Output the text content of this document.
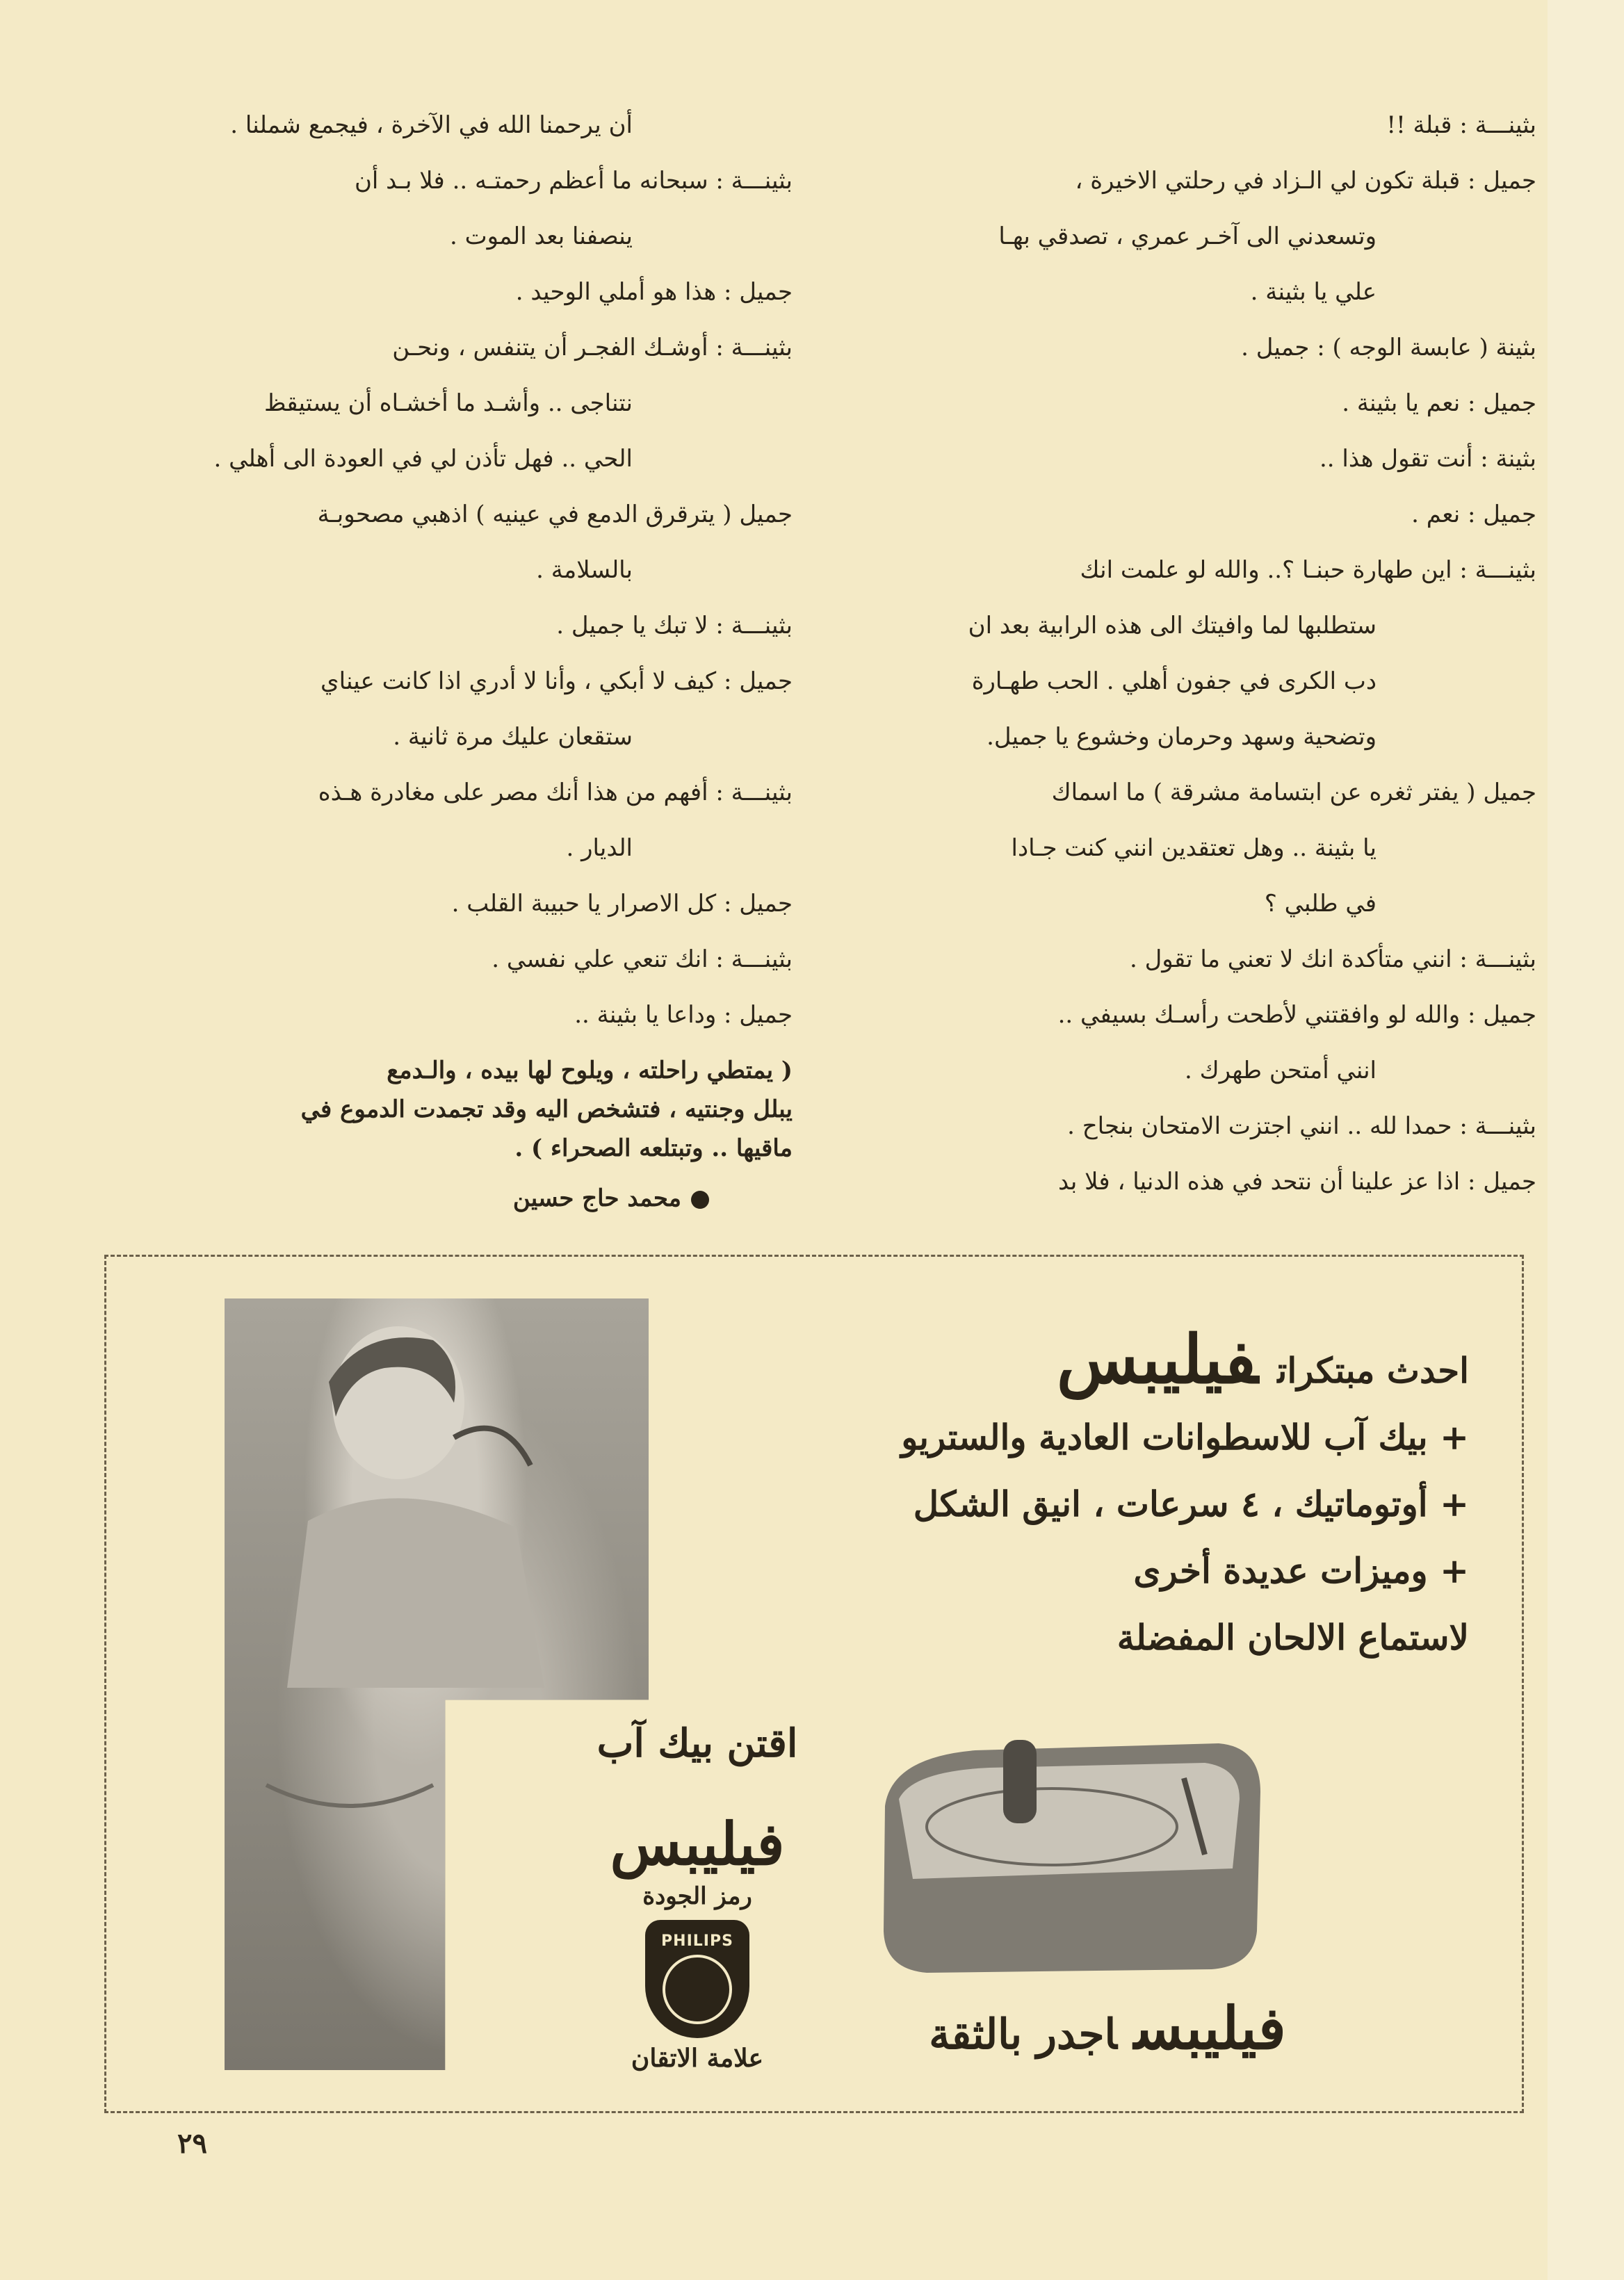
بثينـــة : قبلة !!
جميل : قبلة تكون لي الـزاد في رحلتي الاخيرة ،
وتسعدني الى آخـر عمري ، تصدقي بهـا
علي يا بثينة .
بثينة ( عابسة الوجه ) : جميل .
جميل : نعم يا بثينة .
بثينة : أنت تقول هذا ..
جميل : نعم .
بثينـــة : اين طهارة حبنـا ؟.. والله لو علمت انك
ستطلبها لما وافيتك الى هذه الرابية بعد ان
دب الكرى في جفون أهلي . الحب طهـارة
وتضحية وسهد وحرمان وخشوع يا جميل.
جميل ( يفتر ثغره عن ابتسامة مشرقة ) ما اسماك
يا بثينة .. وهل تعتقدين انني كنت جـادا
في طلبي ؟
بثينـــة : انني متأكدة انك لا تعني ما تقول .
جميل : والله لو وافقتني لأطحت رأسـك بسيفي ..
انني أمتحن طهرك .
بثينـــة : حمدا لله .. انني اجتزت الامتحان بنجاح .
جميل : اذا عز علينا أن نتحد في هذه الدنيا ، فلا بد
أن يرحمنا الله في الآخرة ، فيجمع شملنا .
بثينـــة : سبحانه ما أعظم رحمتـه .. فلا بـد أن
ينصفنا بعد الموت .
جميل : هذا هو أملي الوحيد .
بثينـــة : أوشـك الفجـر أن يتنفس ، ونحـن
نتناجى .. وأشـد ما أخشـاه أن يستيقظ
الحي .. فهل تأذن لي في العودة الى أهلي .
جميل ( يترقرق الدمع في عينيه ) اذهبي مصحوبـة
بالسلامة .
بثينـــة : لا تبك يا جميل .
جميل : كيف لا أبكي ، وأنا لا أدري اذا كانت عيناي
ستقعان عليك مرة ثانية .
بثينـــة : أفهم من هذا أنك مصر على مغادرة هـذه
الديار .
جميل : كل الاصرار يا حبيبة القلب .
بثينـــة : انك تنعي علي نفسي .
جميل : وداعا يا بثينة ..
( يمتطي راحلته ، ويلوح لها بيده ، والـدمع
يبلل وجنتيه ، فتشخص اليه وقد تجمدت الدموع في
ماقيها .. وتبتلعه الصحراء ) .
محمد حاج حسين
احدث مبتكراتفيليبس
+ بيك آب للاسطوانات العادية والستريو
+ أوتوماتيك ، ٤ سرعات ، انيق الشكل
+ وميزات عديدة أخرى
لاستماع الالحان المفضلة
اقتن بيك آب
فيليبس
رمز الجودة
PHILIPS
علامة الاتقان	فيليبساجدر بالثقة
٢٩
